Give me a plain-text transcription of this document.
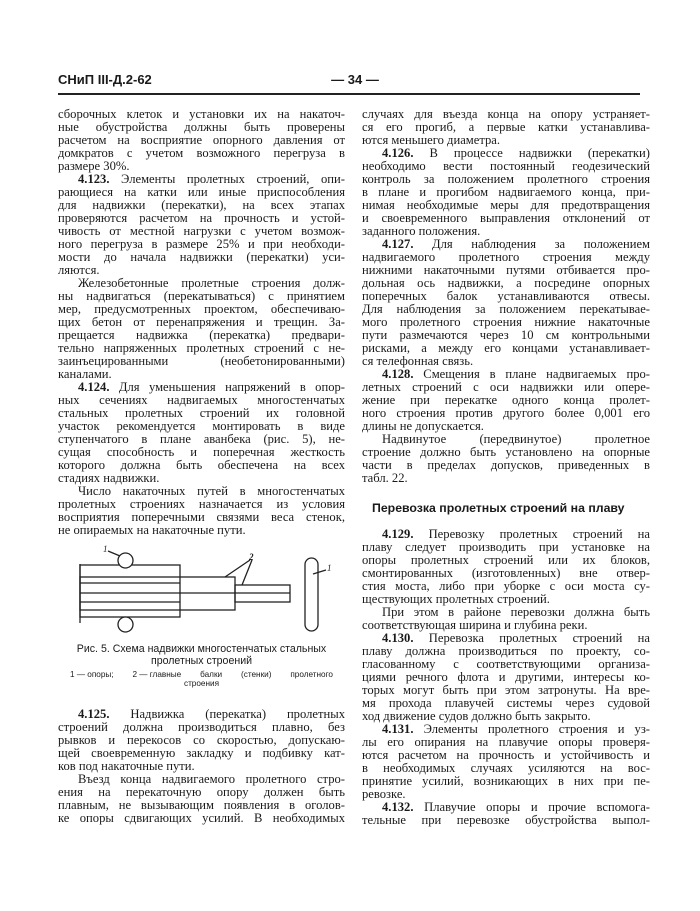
СНиП III-Д.2-62	— 34 —
сборочных клеток и установки их на накаточ-
ные обустройства должны быть проверены
расчетом на восприятие опорного давления от
домкратов с учетом возможного перегруза в
размере 30%.
4.123. Элементы пролетных строений, опи-
рающиеся на катки или иные приспособления
для надвижки (перекатки), на всех этапах
проверяются расчетом на прочность и устой-
чивость от местной нагрузки с учетом возмож-
ного перегруза в размере 25% и при необходи-
мости до начала надвижки (перекатки) уси-
ляются.
Железобетонные пролетные строения долж-
ны надвигаться (перекатываться) с принятием
мер, предусмотренных проектом, обеспечиваю-
щих бетон от перенапряжения и трещин. За-
прещается надвижка (перекатка) предвари-
тельно напряженных пролетных строений с не-
заинъецированными (необетонированными)
каналами.
4.124. Для уменьшения напряжений в опор-
ных сечениях надвигаемых многостенчатых
стальных пролетных строений их головной
участок рекомендуется монтировать в виде
ступенчатого в плане аванбека (рис. 5), не-
сущая способность и поперечная жесткость
которого должна быть обеспечена на всех
стадиях надвижки.
Число накаточных путей в многостенчатых
пролетных строениях назначается из условия
восприятия поперечными связями веса стенок,
не опираемых на накаточные пути.
4.125. Надвижка (перекатка) пролетных
строений должна производиться плавно, без
рывков и перекосов со скоростью, допускаю-
щей своевременную закладку и подбивку кат-
ков под накаточные пути.
Въезд конца надвигаемого пролетного стро-
ения на перекаточную опору должен быть
плавным, не вызывающим появления в оголов-
ке опоры сдвигающих усилий. В необходимых
случаях для въезда конца на опору устраняет-
ся его прогиб, а первые катки устанавлива-
ются меньшего диаметра.
4.126. В процессе надвижки (перекатки)
необходимо вести постоянный геодезический
контроль за положением пролетного строения
в плане и прогибом надвигаемого конца, при-
нимая необходимые меры для предотвращения
и своевременного выправления отклонений от
заданного положения.
4.127. Для наблюдения за положением
надвигаемого пролетного строения между
нижними накаточными путями отбивается про-
дольная ось надвижки, а посредине опорных
поперечных балок устанавливаются отвесы.
Для наблюдения за положением перекатывае-
мого пролетного строения нижние накаточные
пути размечаются через 10 см контрольными
рисками, а между его концами устанавливает-
ся телефонная связь.
4.128. Смещения в плане надвигаемых про-
летных строений с оси надвижки или опере-
жение при перекатке одного конца пролет-
ного строения против другого более 0,001 его
длины не допускается.
Надвинутое (передвинутое) пролетное
строение должно быть установлено на опорные
части в пределах допусков, приведенных в
табл. 22.
Перевозка пролетных строений на плаву
4.129. Перевозку пролетных строений на
плаву следует производить при установке на
опоры пролетных строений или их блоков,
смонтированных (изготовленных) вне отвер-
стия моста, либо при уборке с оси моста су-
ществующих пролетных строений.
При этом в районе перевозки должна быть
соответствующая ширина и глубина реки.
4.130. Перевозка пролетных строений на
плаву должна производиться по проекту, со-
гласованному с соответствующими организа-
циями речного флота и другими, интересы ко-
торых могут быть при этом затронуты. На вре-
мя прохода плавучей системы через судовой
ход движение судов должно быть закрыто.
4.131. Элементы пролетного строения и уз-
лы его опирания на плавучие опоры проверя-
ются расчетом на прочность и устойчивость и
в необходимых случаях усиляются на вос-
принятие усилий, возникающих в них при пе-
ревозке.
4.132. Плавучие опоры и прочие вспомога-
тельные при перевозке обустройства выпол-
1
2
1
Рис. 5. Схема надвижки многостенчатых стальных
пролетных строений
1 — опоры; 2 — главные балки (стенки) пролетного
строения
